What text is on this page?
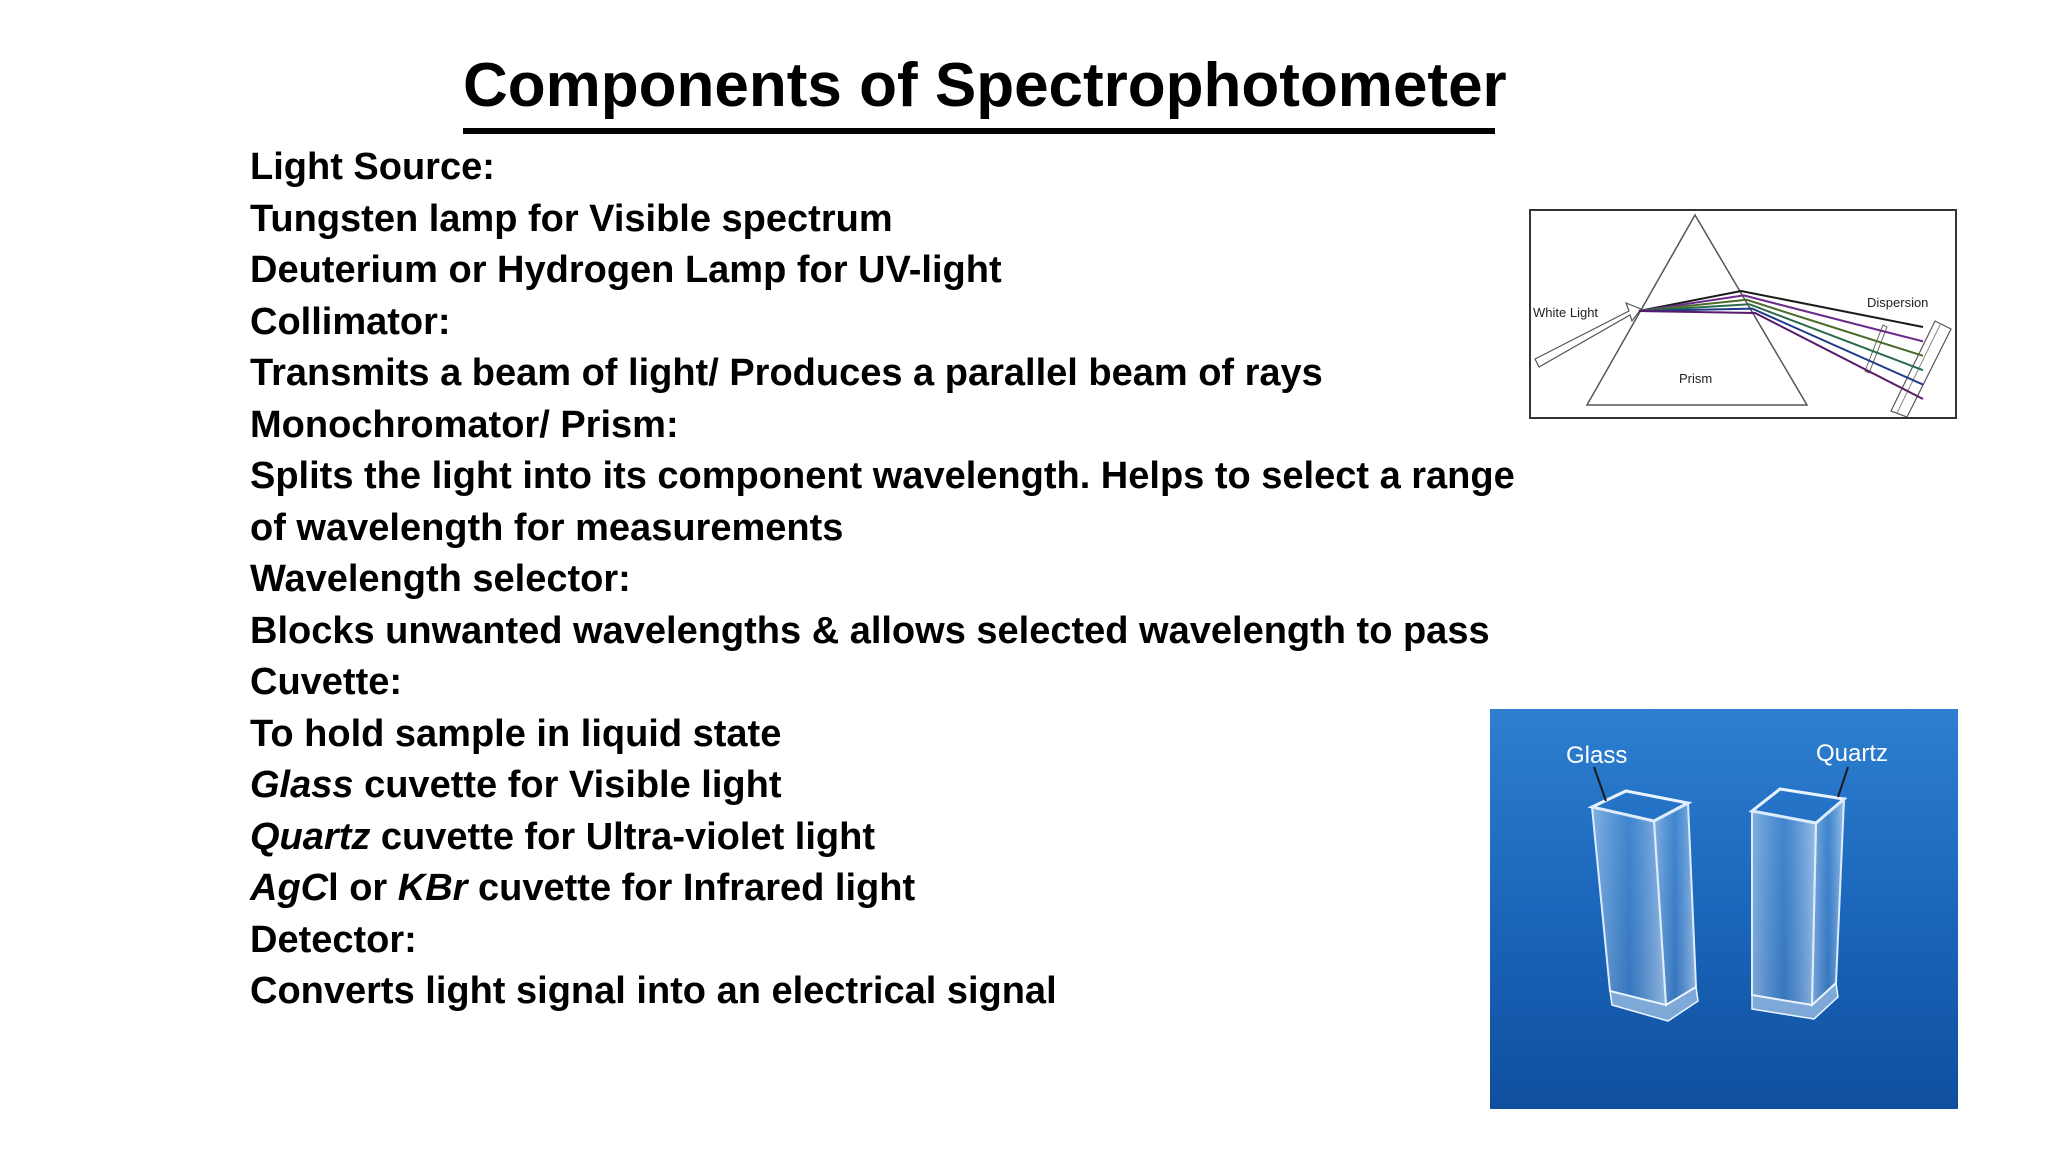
Components of Spectrophotometer
Light Source:
Tungsten lamp for Visible spectrum
Deuterium or Hydrogen Lamp for UV-light
Collimator:
Transmits a beam of light/ Produces a parallel beam of rays
Monochromator/ Prism:
Splits the light into its component wavelength. Helps to select a range of wavelength for measurements
Wavelength selector:
Blocks unwanted wavelengths & allows selected wavelength to pass
Cuvette:
To hold sample in liquid state
Glass cuvette for Visible light
Quartz cuvette for Ultra-violet light
AgCl or KBr cuvette for Infrared light
Detector:
Converts light signal into an electrical signal
White Light
Dispersion
Prism
Glass	Quartz
